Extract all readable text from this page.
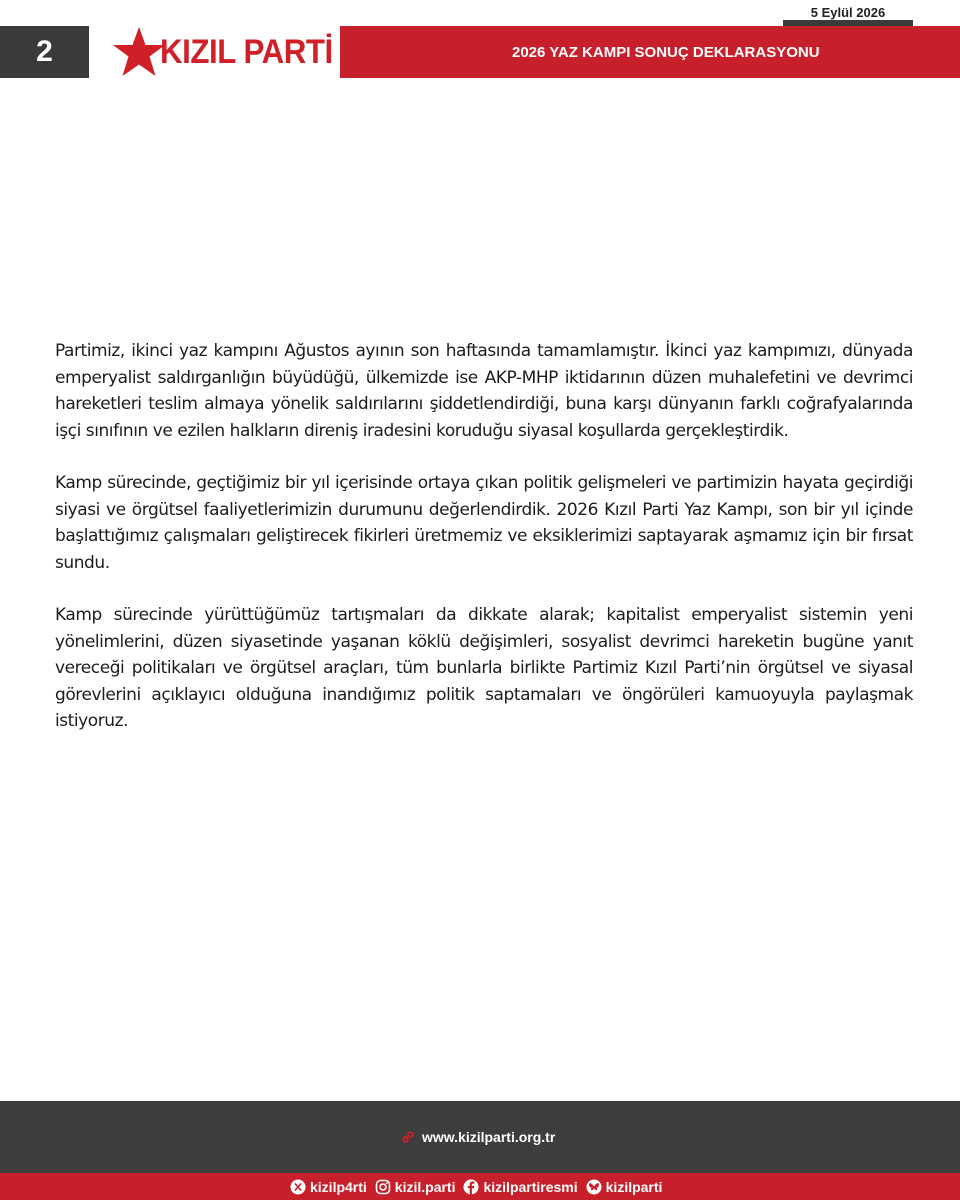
5 Eylül 2026
2	KIZIL PARTİ	2026 YAZ KAMPI SONUÇ DEKLARASYONU

Partimiz, ikinci yaz kampını Ağustos ayının son haftasında tamamlamıştır. İkinci yaz kampımızı, dünyada emperyalist saldırganlığın büyüdüğü, ülkemizde ise AKP-MHP iktidarının düzen muhalefetini ve devrimci hareketleri teslim almaya yönelik saldırılarını şiddetlendirdiği, buna karşı dünyanın farklı coğrafyalarında işçi sınıfının ve ezilen halkların direniş iradesini koruduğu siyasal koşullarda gerçekleştirdik.

Kamp sürecinde, geçtiğimiz bir yıl içerisinde ortaya çıkan politik gelişmeleri ve partimizin hayata geçirdiği siyasi ve örgütsel faaliyetlerimizin durumunu değerlendirdik. 2026 Kızıl Parti Yaz Kampı, son bir yıl içinde başlattığımız çalışmaları geliştirecek fikirleri üretmemiz ve eksiklerimizi saptayarak aşmamız için bir fırsat sundu.

Kamp sürecinde yürüttüğümüz tartışmaları da dikkate alarak; kapitalist emperyalist sistemin yeni yönelimlerini, düzen siyasetinde yaşanan köklü değişimleri, sosyalist devrimci hareketin bugüne yanıt vereceği politikaları ve örgütsel araçları, tüm bunlarla birlikte Partimiz Kızıl Parti’nin örgütsel ve siyasal görevlerini açıklayıcı olduğuna inandığımız politik saptamaları ve öngörüleri kamuoyuyla paylaşmak istiyoruz.

www.kizilparti.org.tr
kizilp4rti kizil.parti kizilpartiresmi kizilparti
